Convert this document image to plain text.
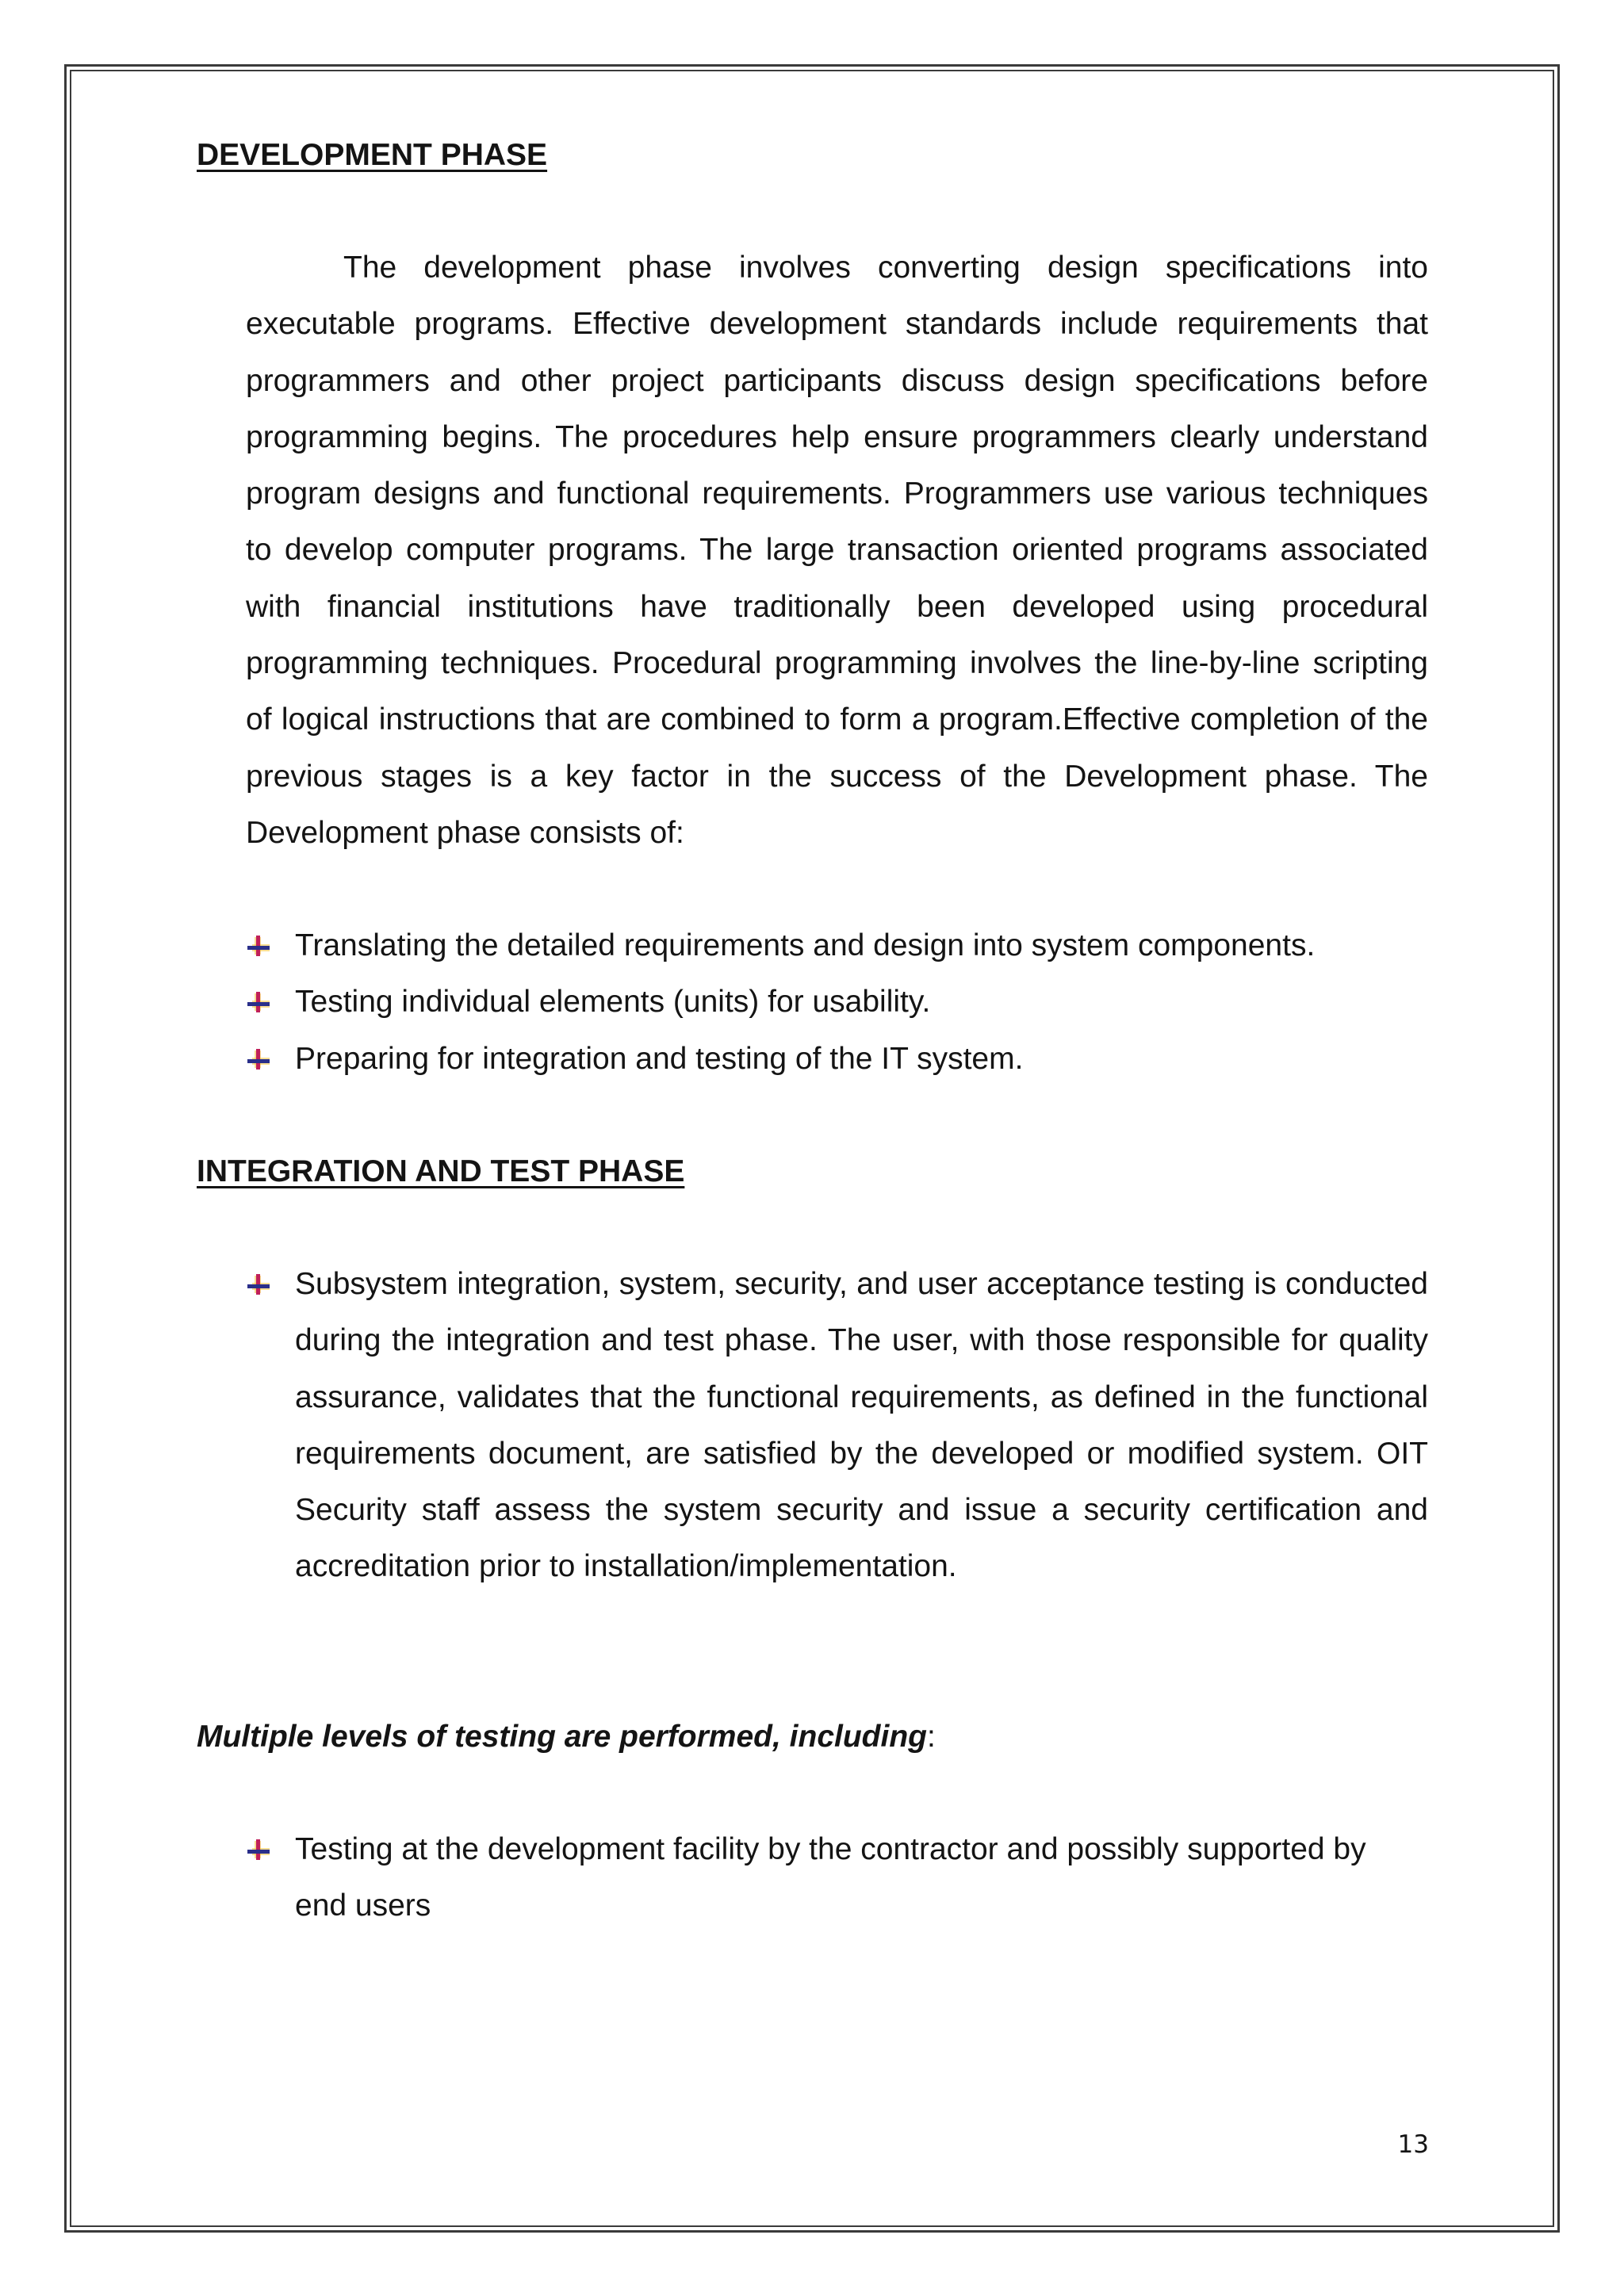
DEVELOPMENT PHASE

The development phase involves converting design specifications into executable programs. Effective development standards include requirements that programmers and other project participants discuss design specifications before programming begins. The procedures help ensure programmers clearly understand program designs and functional requirements. Programmers use various techniques to develop computer programs. The large transaction oriented programs associated with financial institutions have traditionally been developed using procedural programming techniques. Procedural programming involves the line-by-line scripting of logical instructions that are combined to form a program.Effective completion of the previous stages is a key factor in the success of the Development phase. The Development phase consists of:

Translating the detailed requirements and design into system components.
Testing individual elements (units) for usability.
Preparing for integration and testing of the IT system.
INTEGRATION AND TEST PHASE
Subsystem integration, system, security, and user acceptance testing is conducted during the integration and test phase. The user, with those responsible for quality assurance, validates that the functional requirements, as defined in the functional requirements document, are satisfied by the developed or modified system. OIT Security staff assess the system security and issue a security certification and accreditation prior to installation/implementation.

Multiple levels of testing are performed, including:

Testing at the development facility by the contractor and possibly supported by end users

13
